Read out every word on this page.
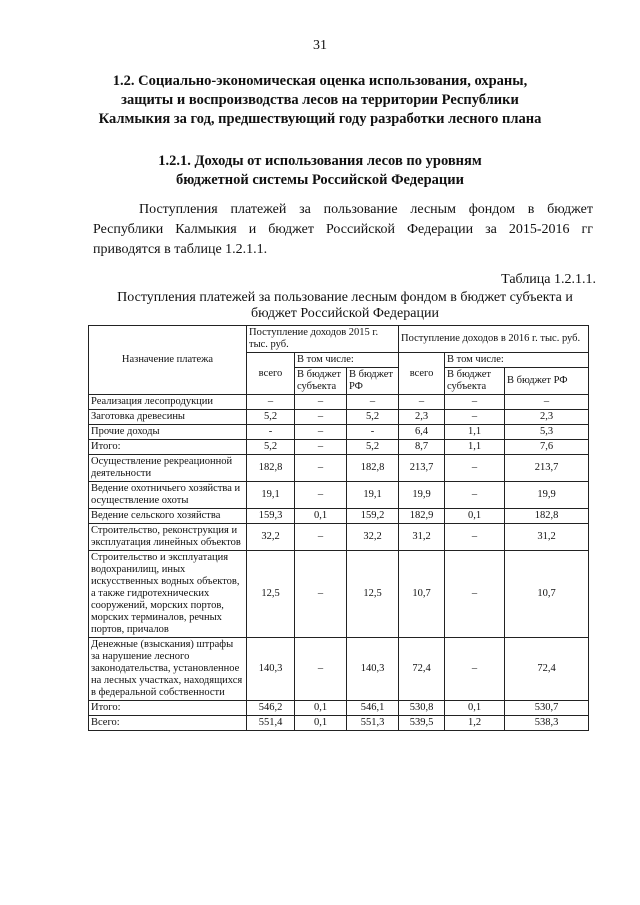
31
1.2. Социально-экономическая оценка использования, охраны,
защиты и воспроизводства лесов на территории Республики
Калмыкия за год, предшествующий году разработки лесного плана
1.2.1. Доходы от использования лесов по уровням
бюджетной системы Российской Федерации
Поступления платежей за пользование лесным фондом в бюджет Республики Калмыкия и бюджет Российской Федерации за 2015-2016 гг приводятся в таблице 1.2.1.1.
Таблица 1.2.1.1.
Поступления платежей за пользование лесным фондом в бюджет субъекта и
бюджет Российской Федерации
Назначение платежа	Поступление доходов 2015 г. тыс. руб.			Поступление доходов в 2016 г. тыс. руб.		
	всего	В том числе:		всего	В том числе:	
		В бюджет субъекта	В бюджет РФ		В бюджет субъекта	В бюджет РФ
Реализация лесопродукции	–	–	–	–	–	–
Заготовка древесины	5,2	–	5,2	2,3	–	2,3
Прочие доходы	-	–	-	6,4	1,1	5,3
Итого:	5,2	–	5,2	8,7	1,1	7,6
Осуществление рекреационной деятельности	182,8	–	182,8	213,7	–	213,7
Ведение охотничьего хозяйства и осуществление охоты	19,1	–	19,1	19,9	–	19,9
Ведение сельского хозяйства	159,3	0,1	159,2	182,9	0,1	182,8
Строительство, реконструкция и эксплуатация линейных объектов	32,2	–	32,2	31,2	–	31,2
Строительство и эксплуатация водохранилищ, иных искусственных водных объектов, а также гидротехнических сооружений, морских портов, морских терминалов, речных портов, причалов	12,5	–	12,5	10,7	–	10,7
Денежные (взыскания) штрафы за нарушение лесного законодательства, установленное на лесных участках, находящихся в федеральной собственности	140,3	–	140,3	72,4	–	72,4
Итого:	546,2	0,1	546,1	530,8	0,1	530,7
Всего:	551,4	0,1	551,3	539,5	1,2	538,3
